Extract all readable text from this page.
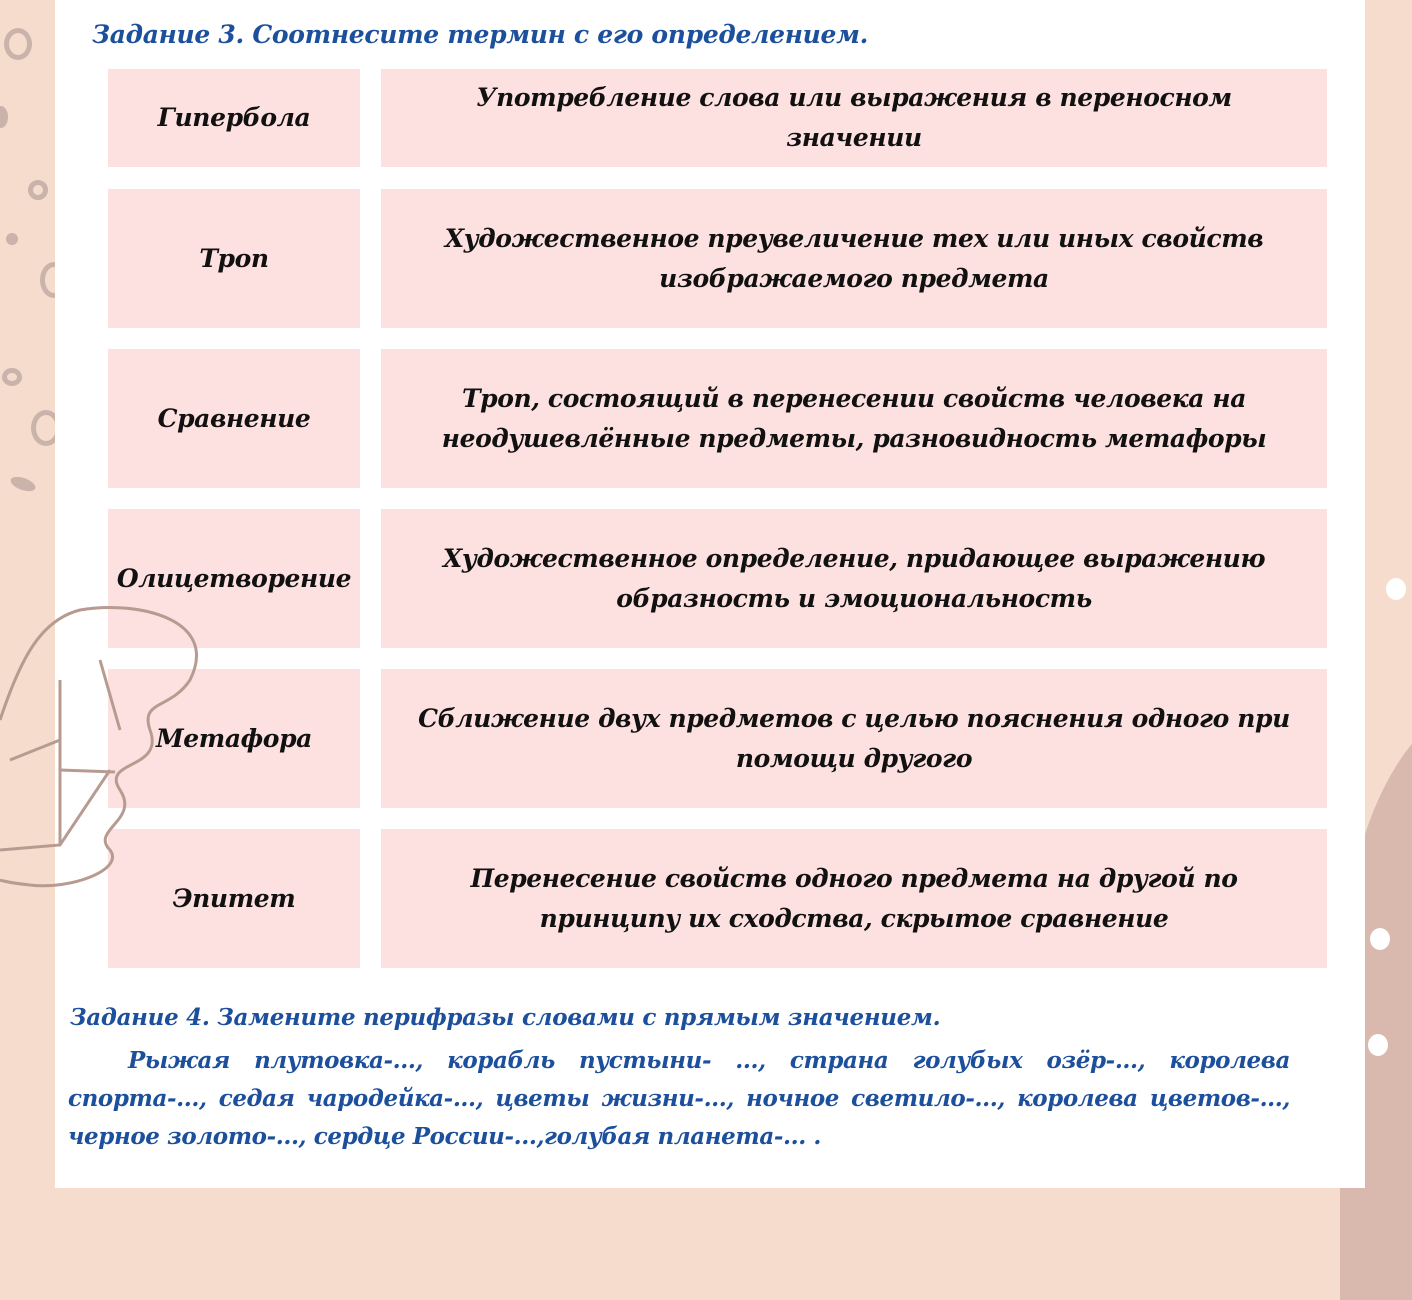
Задание 3. Соотнесите термин с его определением.
Гипербола
Употребление слова или выражения в переносном значении
Троп
Художественное преувеличение тех или иных свойств изображаемого предмета
Сравнение
Троп, состоящий в перенесении свойств человека на неодушевлённые предметы, разновидность метафоры
Олицетворение
Художественное определение, придающее выражению образность и эмоциональность
Метафора
Сближение двух предметов с целью пояснения одного при помощи другого
Эпитет
Перенесение свойств одного предмета на другой по принципу их сходства, скрытое сравнение
Задание 4. Замените перифразы словами с прямым значением.
Рыжая плутовка-..., корабль пустыни- ..., страна голубых озёр-..., королева спорта-..., седая чародейка-..., цветы жизни-..., ночное светило-..., королева цветов-..., черное золото-..., сердце России-...,голубая планета-... .
